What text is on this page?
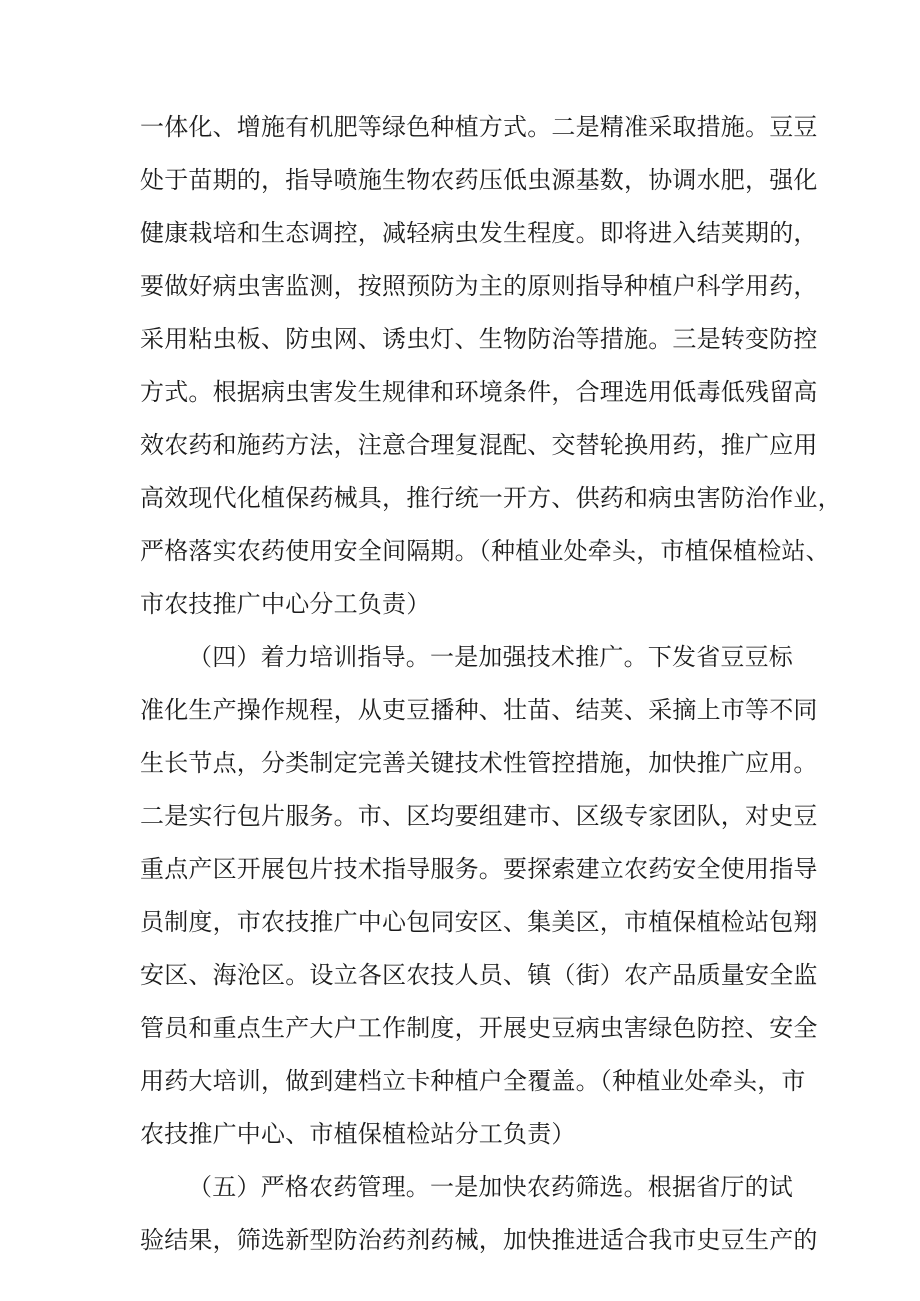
一体化、增施有机肥等绿色种植方式。二是精准采取措施。豆豆
处于苗期的，指导喷施生物农药压低虫源基数，协调水肥，强化
健康栽培和生态调控，减轻病虫发生程度。即将进入结荚期的，
要做好病虫害监测，按照预防为主的原则指导种植户科学用药，
采用粘虫板、防虫网、诱虫灯、生物防治等措施。三是转变防控
方式。根据病虫害发生规律和环境条件，合理选用低毒低残留高
效农药和施药方法，注意合理复混配、交替轮换用药，推广应用
高效现代化植保药械具，推行统一开方、供药和病虫害防治作业，
严格落实农药使用安全间隔期。（种植业处牵头，市植保植检站、
市农技推广中心分工负责）
（四）着力培训指导。一是加强技术推广。下发省豆豆标
准化生产操作规程，从吏豆播种、壮苗、结荚、采摘上市等不同
生长节点，分类制定完善关键技术性管控措施，加快推广应用。
二是实行包片服务。市、区均要组建市、区级专家团队，对史豆
重点产区开展包片技术指导服务。要探索建立农药安全使用指导
员制度，市农技推广中心包同安区、集美区，市植保植检站包翔
安区、海沧区。设立各区农技人员、镇（街）农产品质量安全监
管员和重点生产大户工作制度，开展史豆病虫害绿色防控、安全
用药大培训，做到建档立卡种植户全覆盖。（种植业处牵头，市
农技推广中心、市植保植检站分工负责）
（五）严格农药管理。一是加快农药筛选。根据省厅的试
验结果，筛选新型防治药剂药械，加快推进适合我市史豆生产的
